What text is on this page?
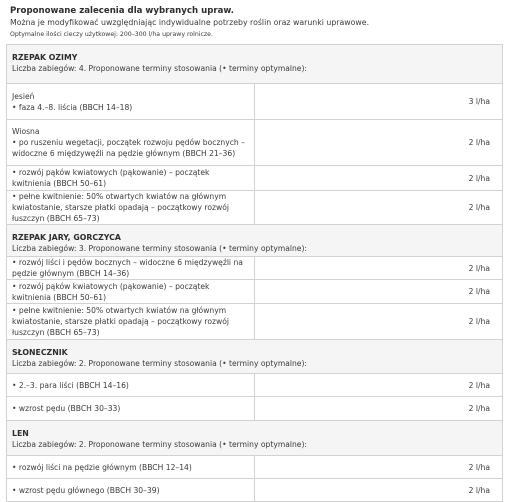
Proponowane zalecenia dla wybranych upraw.
Można je modyfikować uwzględniając indywidualne potrzeby roślin oraz warunki uprawowe.
Optymalne ilości cieczy użytkowej: 200–300 l/ha uprawy rolnicze.
RZEPAK OZIMY
Liczba zabiegów: 4. Proponowane terminy stosowania (• terminy optymalne):	

Jesień
• faza 4.–8. liścia (BBCH 14–18)	3 l/ha

Wiosna
• po ruszeniu wegetacji, początek rozwoju pędów bocznych – widoczne 6 międzywęźli na pędzie głównym (BBCH 21–36)	2 l/ha
• rozwój pąków kwiatowych (pąkowanie) – początek kwitnienia (BBCH 50–61)	2 l/ha
• pełne kwitnienie: 50% otwartych kwiatów na głównym kwiatostanie, starsze płatki opadają – początkowy rozwój łuszczyn (BBCH 65–73)	2 l/ha

RZEPAK JARY, GORCZYCA
Liczba zabiegów: 3. Proponowane terminy stosowania (• terminy optymalne):	

• rozwój liści i pędów bocznych – widoczne 6 międzywęźli na pędzie głównym (BBCH 14–36)	2 l/ha
• rozwój pąków kwiatowych (pąkowanie) – początek kwitnienia (BBCH 50–61)	2 l/ha
• pełne kwitnienie: 50% otwartych kwiatów na głównym kwiatostanie, starsze płatki opadają – początkowy rozwój łuszczyn (BBCH 65–73)	2 l/ha

SŁONECZNIK
Liczba zabiegów: 2. Proponowane terminy stosowania (• terminy optymalne):	

• 2.–3. para liści (BBCH 14–16)	2 l/ha
• wzrost pędu (BBCH 30–33)	2 l/ha

LEN
Liczba zabiegów: 2. Proponowane terminy stosowania (• terminy optymalne):	

• rozwój liści na pędzie głównym (BBCH 12–14)	2 l/ha
• wzrost pędu głównego (BBCH 30–39)	2 l/ha
